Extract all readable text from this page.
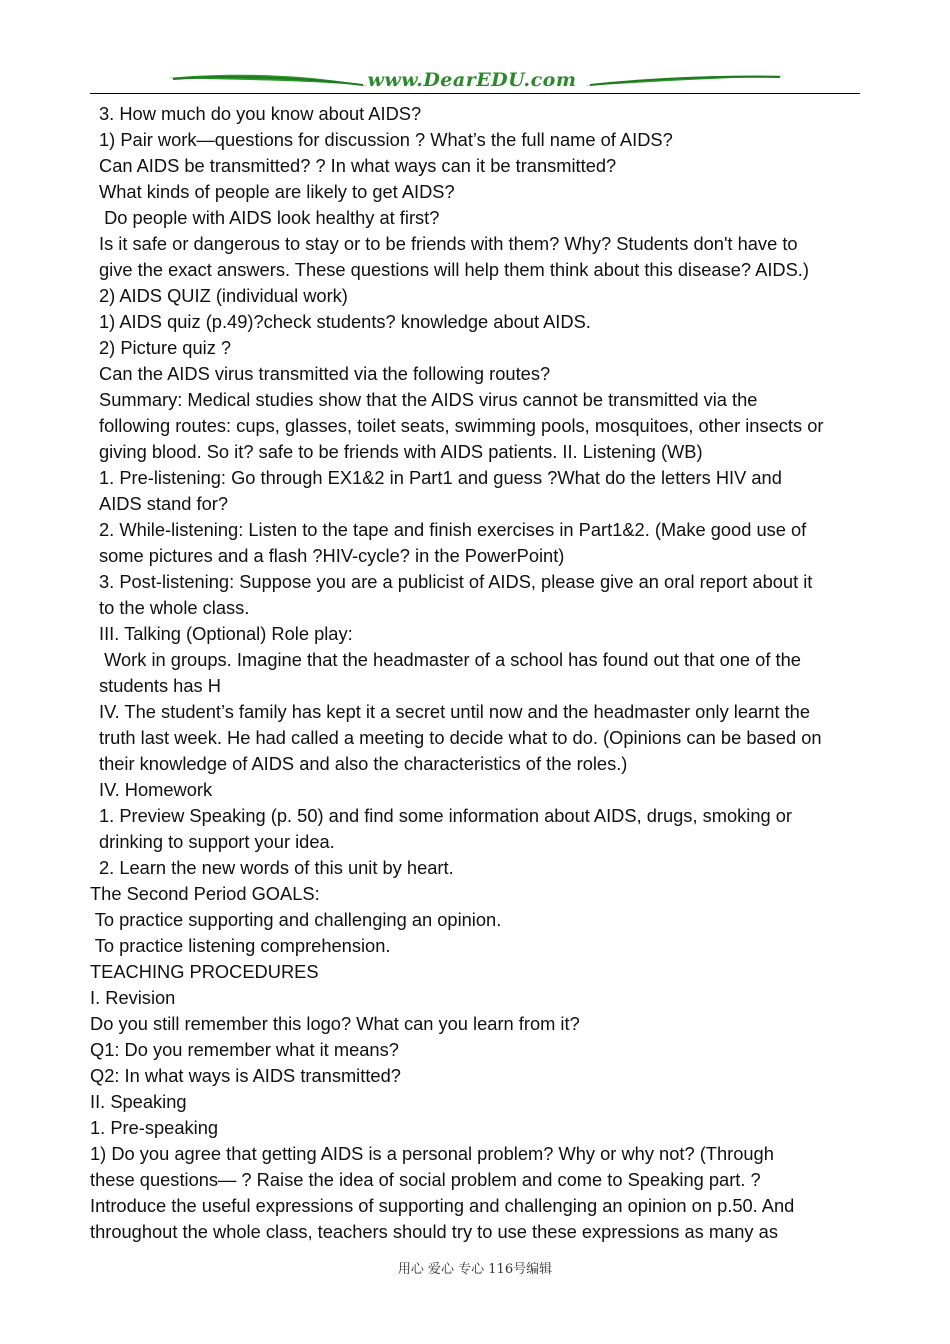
www.DearEDU.com

3. How much do you know about AIDS?

1) Pair work—questions for discussion ? What’s the full name of AIDS?

Can AIDS be transmitted? ? In what ways can it be transmitted?

What kinds of people are likely to get AIDS?

Do people with AIDS look healthy at first?

Is it safe or dangerous to stay or to be friends with them? Why? Students don't have to

give the exact answers. These questions will help them think about this disease? AIDS.)

2) AIDS QUIZ (individual work)

1) AIDS quiz (p.49)?check students? knowledge about AIDS.

2) Picture quiz ?

Can the AIDS virus transmitted via the following routes?

Summary: Medical studies show that the AIDS virus cannot be transmitted via the

following routes: cups, glasses, toilet seats, swimming pools, mosquitoes, other insects or

giving blood. So it? safe to be friends with AIDS patients. II. Listening (WB)

1. Pre-listening: Go through EX1&2 in Part1 and guess ?What do the letters HIV and

AIDS stand for?

2. While-listening: Listen to the tape and finish exercises in Part1&2. (Make good use of

some pictures and a flash ?HIV-cycle? in the PowerPoint)

3. Post-listening: Suppose you are a publicist of AIDS, please give an oral report about it

to the whole class.

III. Talking (Optional) Role play:

Work in groups. Imagine that the headmaster of a school has found out that one of the

students has H

IV. The student’s family has kept it a secret until now and the headmaster only learnt the

truth last week. He had called a meeting to decide what to do. (Opinions can be based on

their knowledge of AIDS and also the characteristics of the roles.)

IV. Homework

1. Preview Speaking (p. 50) and find some information about AIDS, drugs, smoking or

drinking to support your idea.

2. Learn the new words of this unit by heart.

The Second Period GOALS:

To practice supporting and challenging an opinion.

To practice listening comprehension.

TEACHING PROCEDURES

I. Revision

Do you still remember this logo? What can you learn from it?

Q1: Do you remember what it means?

Q2: In what ways is AIDS transmitted?

II. Speaking

1. Pre-speaking

1) Do you agree that getting AIDS is a personal problem? Why or why not? (Through

these questions— ? Raise the idea of social problem and come to Speaking part. ?

Introduce the useful expressions of supporting and challenging an opinion on p.50. And

throughout the whole class, teachers should try to use these expressions as many as

用心 爱心 专心 116号编辑
